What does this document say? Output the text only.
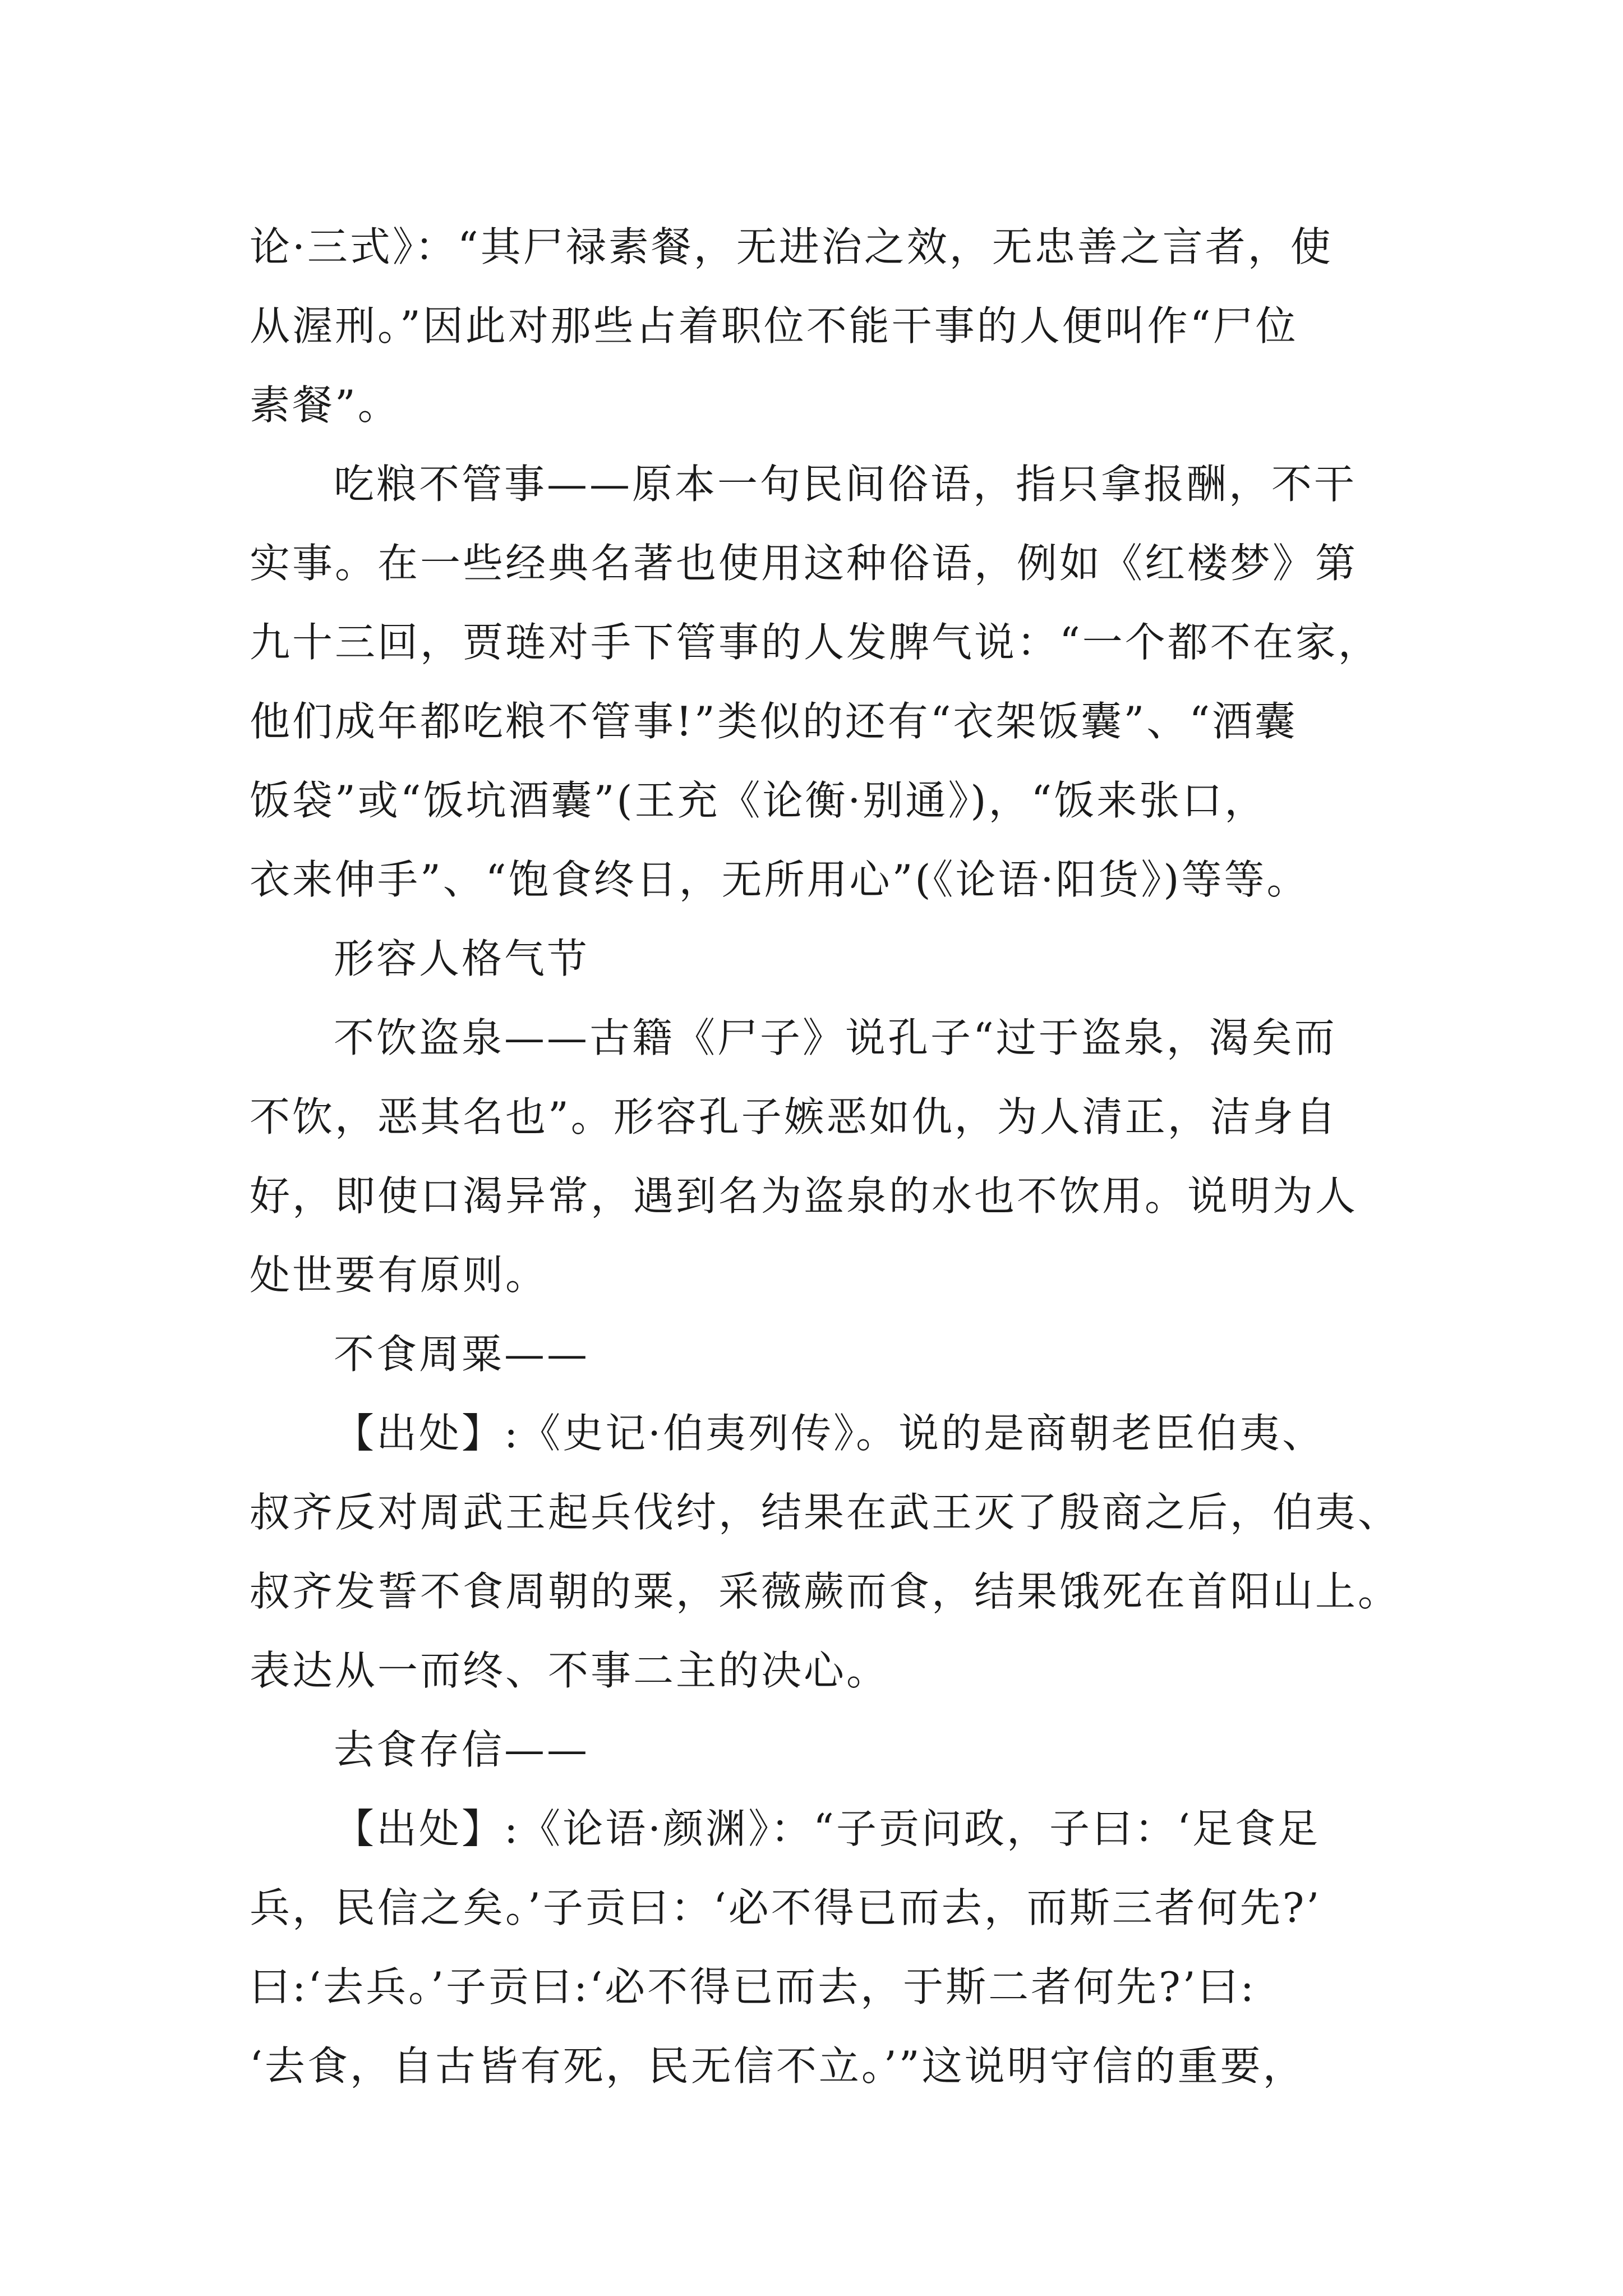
论·三式》：“其尸禄素餐，无进治之效，无忠善之言者，使
从渥刑。”因此对那些占着职位不能干事的人便叫作“尸位
素餐”。
吃粮不管事——原本一句民间俗语，指只拿报酬，不干
实事。在一些经典名著也使用这种俗语，例如《红楼梦》第
九十三回，贾琏对手下管事的人发脾气说：“一个都不在家，
他们成年都吃粮不管事!”类似的还有“衣架饭囊”、“酒囊
饭袋”或“饭坑酒囊”(王充《论衡·别通》)，“饭来张口，
衣来伸手”、“饱食终日，无所用心”(《论语·阳货》)等等。
形容人格气节
不饮盗泉——古籍《尸子》说孔子“过于盗泉，渴矣而
不饮，恶其名也”。形容孔子嫉恶如仇，为人清正，洁身自
好，即使口渴异常，遇到名为盗泉的水也不饮用。说明为人
处世要有原则。
不食周粟——
【出处】:《史记·伯夷列传》。说的是商朝老臣伯夷、
叔齐反对周武王起兵伐纣，结果在武王灭了殷商之后，伯夷、
叔齐发誓不食周朝的粟，采薇蕨而食，结果饿死在首阳山上。
表达从一而终、不事二主的决心。
去食存信——
【出处】:《论语·颜渊》：“子贡问政，子曰：‘足食足
兵，民信之矣。’子贡曰：‘必不得已而去，而斯三者何先?’
曰:‘去兵。’子贡曰:‘必不得已而去，于斯二者何先?’曰:
‘去食，自古皆有死，民无信不立。’”这说明守信的重要，
